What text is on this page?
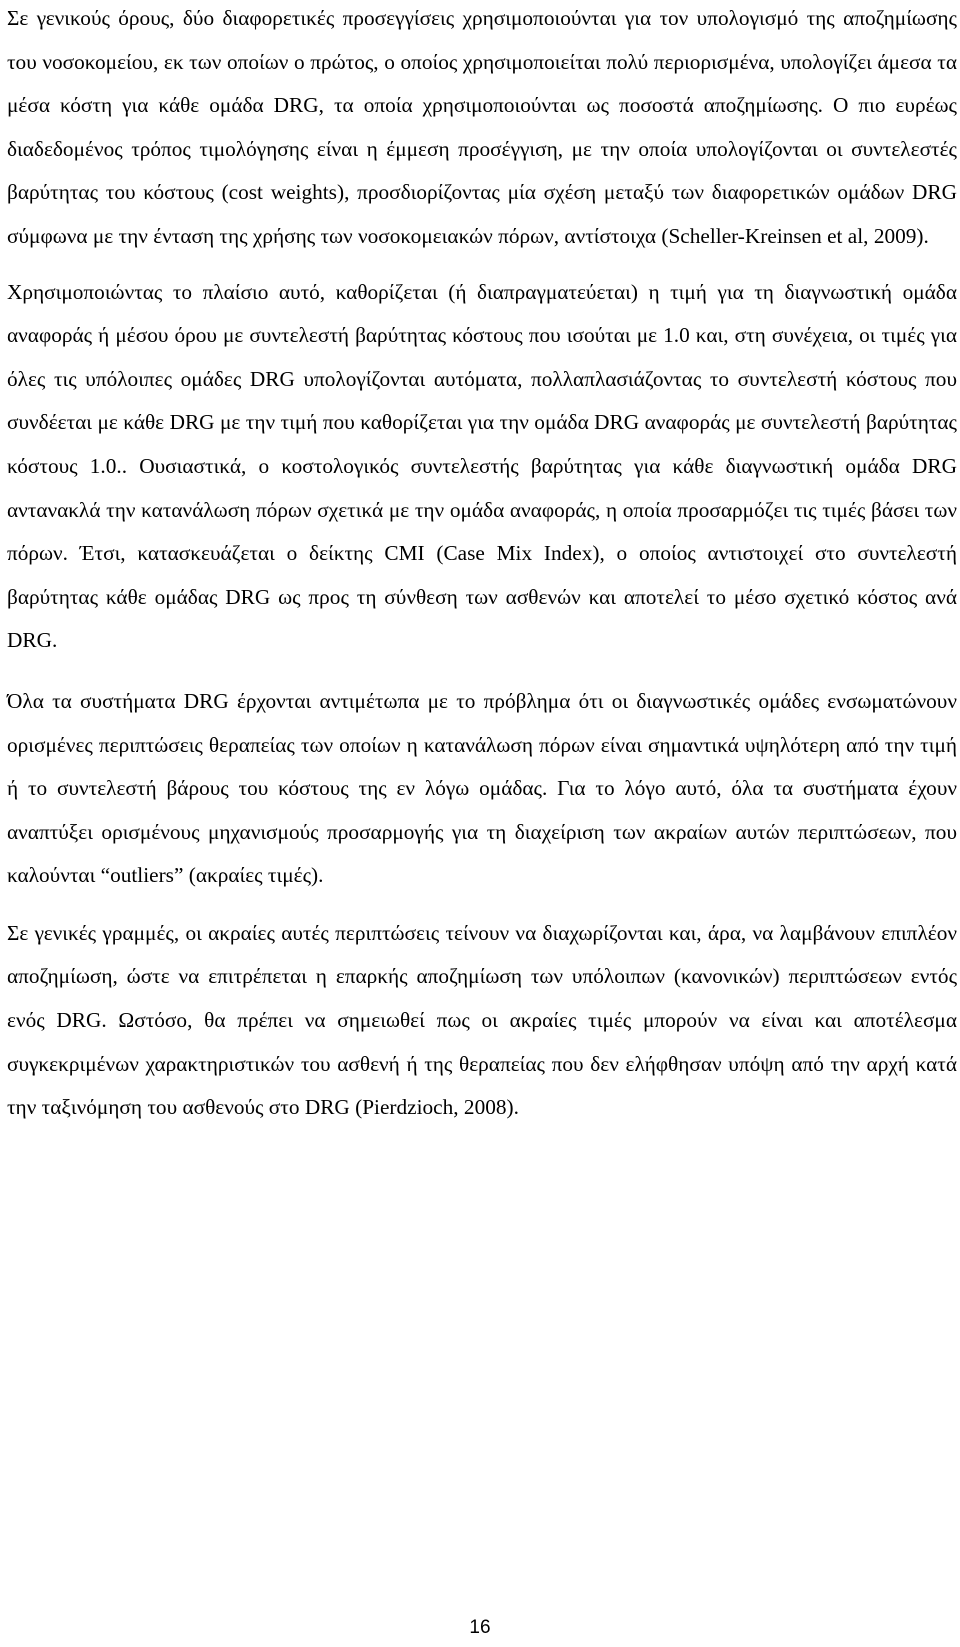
Σε γενικούς όρους, δύο διαφορετικές προσεγγίσεις χρησιμοποιούνται για τον υπολογισμό της αποζημίωσης του νοσοκομείου, εκ των οποίων ο πρώτος, ο οποίος χρησιμοποιείται πολύ περιορισμένα, υπολογίζει άμεσα τα μέσα κόστη για κάθε ομάδα DRG, τα οποία χρησιμοποιούνται ως ποσοστά αποζημίωσης. Ο πιο ευρέως διαδεδομένος τρόπος τιμολόγησης είναι η έμμεση προσέγγιση, με την οποία υπολογίζονται οι συντελεστές βαρύτητας του κόστους (cost weights), προσδιορίζοντας μία σχέση μεταξύ των διαφορετικών ομάδων DRG σύμφωνα με την ένταση της χρήσης των νοσοκομειακών πόρων, αντίστοιχα (Scheller-Kreinsen et al, 2009).

Χρησιμοποιώντας το πλαίσιο αυτό, καθορίζεται (ή διαπραγματεύεται) η τιμή για τη διαγνωστική ομάδα αναφοράς ή μέσου όρου με συντελεστή βαρύτητας κόστους που ισούται με 1.0 και, στη συνέχεια, οι τιμές για όλες τις υπόλοιπες ομάδες DRG υπολογίζονται αυτόματα, πολλαπλασιάζοντας το συντελεστή κόστους που συνδέεται με κάθε DRG με την τιμή που καθορίζεται για την ομάδα DRG αναφοράς με συντελεστή βαρύτητας κόστους 1.0.. Ουσιαστικά, ο κοστολογικός συντελεστής βαρύτητας για κάθε διαγνωστική ομάδα DRG αντανακλά την κατανάλωση πόρων σχετικά με την ομάδα αναφοράς, η οποία προσαρμόζει τις τιμές βάσει των πόρων. Έτσι, κατασκευάζεται ο δείκτης CMI (Case Mix Index), ο οποίος αντιστοιχεί στο συντελεστή βαρύτητας κάθε ομάδας DRG ως προς τη σύνθεση των ασθενών και αποτελεί το μέσο σχετικό κόστος ανά DRG.

Όλα τα συστήματα DRG έρχονται αντιμέτωπα με το πρόβλημα ότι οι διαγνωστικές ομάδες ενσωματώνουν ορισμένες περιπτώσεις θεραπείας των οποίων η κατανάλωση πόρων είναι σημαντικά υψηλότερη από την τιμή ή το συντελεστή βάρους του κόστους της εν λόγω ομάδας. Για το λόγο αυτό, όλα τα συστήματα έχουν αναπτύξει ορισμένους μηχανισμούς προσαρμογής για τη διαχείριση των ακραίων αυτών περιπτώσεων, που καλούνται “outliers” (ακραίες τιμές).

Σε γενικές γραμμές, οι ακραίες αυτές περιπτώσεις τείνουν να διαχωρίζονται και, άρα, να λαμβάνουν επιπλέον αποζημίωση, ώστε να επιτρέπεται η επαρκής αποζημίωση των υπόλοιπων (κανονικών) περιπτώσεων εντός ενός DRG. Ωστόσο, θα πρέπει να σημειωθεί πως οι ακραίες τιμές μπορούν να είναι και αποτέλεσμα συγκεκριμένων χαρακτηριστικών του ασθενή ή της θεραπείας που δεν ελήφθησαν υπόψη από την αρχή κατά την ταξινόμηση του ασθενούς στο DRG (Pierdzioch, 2008).

16
